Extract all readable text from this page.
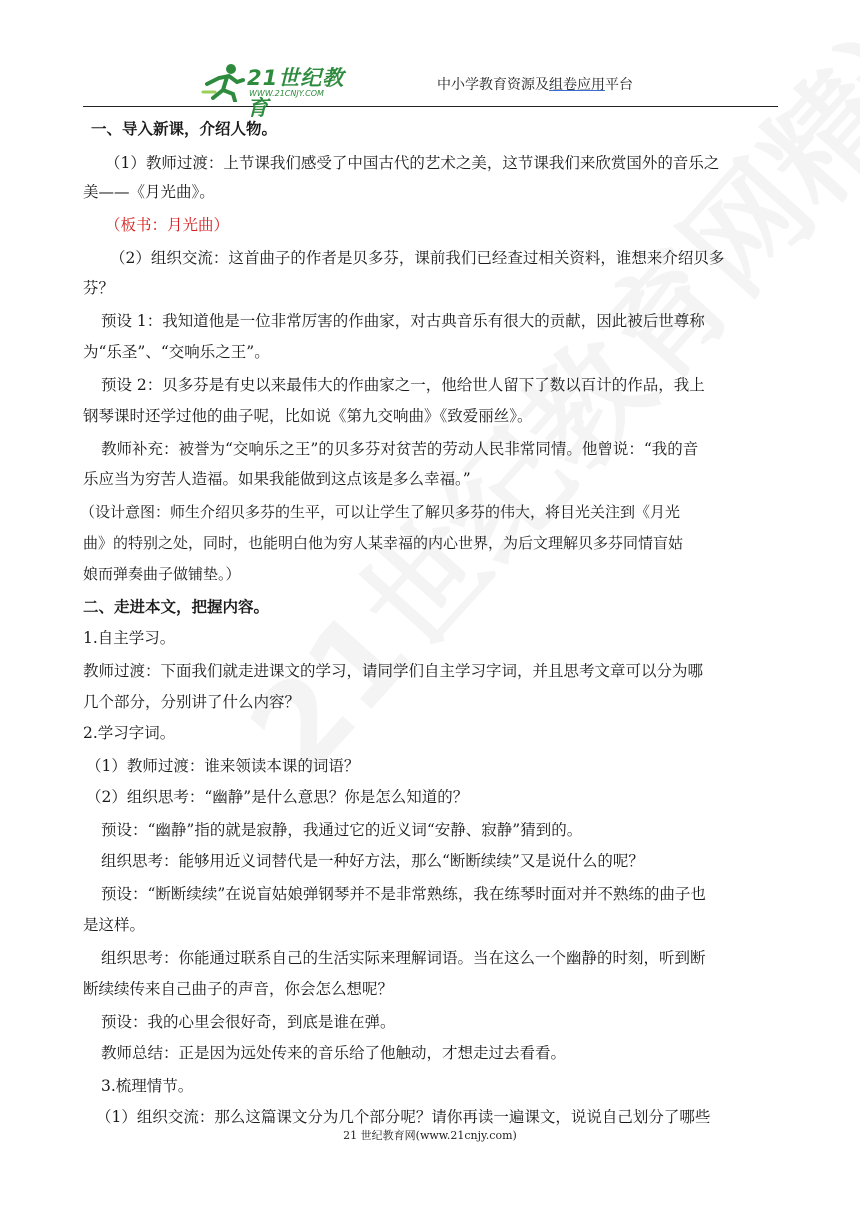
21世纪教育
WWW.21CNJY.COM
中小学教育资源及组卷应用平台
一、导入新课，介绍人物。
（1）教师过渡：上节课我们感受了中国古代的艺术之美，这节课我们来欣赏国外的音乐之
美——《月光曲》。
（板书：月光曲）
（2）组织交流：这首曲子的作者是贝多芬，课前我们已经查过相关资料，谁想来介绍贝多
芬？
预设 1：我知道他是一位非常厉害的作曲家，对古典音乐有很大的贡献，因此被后世尊称
为“乐圣”、“交响乐之王”。
预设 2：贝多芬是有史以来最伟大的作曲家之一，他给世人留下了数以百计的作品，我上
钢琴课时还学过他的曲子呢，比如说《第九交响曲》《致爱丽丝》。
教师补充：被誉为“交响乐之王”的贝多芬对贫苦的劳动人民非常同情。他曾说：“我的音
乐应当为穷苦人造福。如果我能做到这点该是多么幸福。”
（设计意图：师生介绍贝多芬的生平，可以让学生了解贝多芬的伟大，将目光关注到《月光
曲》的特别之处，同时，也能明白他为穷人某幸福的内心世界，为后文理解贝多芬同情盲姑
娘而弹奏曲子做铺垫。）
二、走进本文，把握内容。
1.自主学习。
教师过渡：下面我们就走进课文的学习，请同学们自主学习字词，并且思考文章可以分为哪
几个部分，分别讲了什么内容？
2.学习字词。
（1）教师过渡：谁来领读本课的词语？
（2）组织思考：“幽静”是什么意思？你是怎么知道的？
预设：“幽静”指的就是寂静，我通过它的近义词“安静、寂静”猜到的。
组织思考：能够用近义词替代是一种好方法，那么“断断续续”又是说什么的呢？
预设：“断断续续”在说盲姑娘弹钢琴并不是非常熟练，我在练琴时面对并不熟练的曲子也
是这样。
组织思考：你能通过联系自己的生活实际来理解词语。当在这么一个幽静的时刻，听到断
断续续传来自己曲子的声音，你会怎么想呢？
预设：我的心里会很好奇，到底是谁在弹。
教师总结：正是因为远处传来的音乐给了他触动，才想走过去看看。
3.梳理情节。
（1）组织交流：那么这篇课文分为几个部分呢？请你再读一遍课文，说说自己划分了哪些
21 世纪教育网(www.21cnjy.com)
